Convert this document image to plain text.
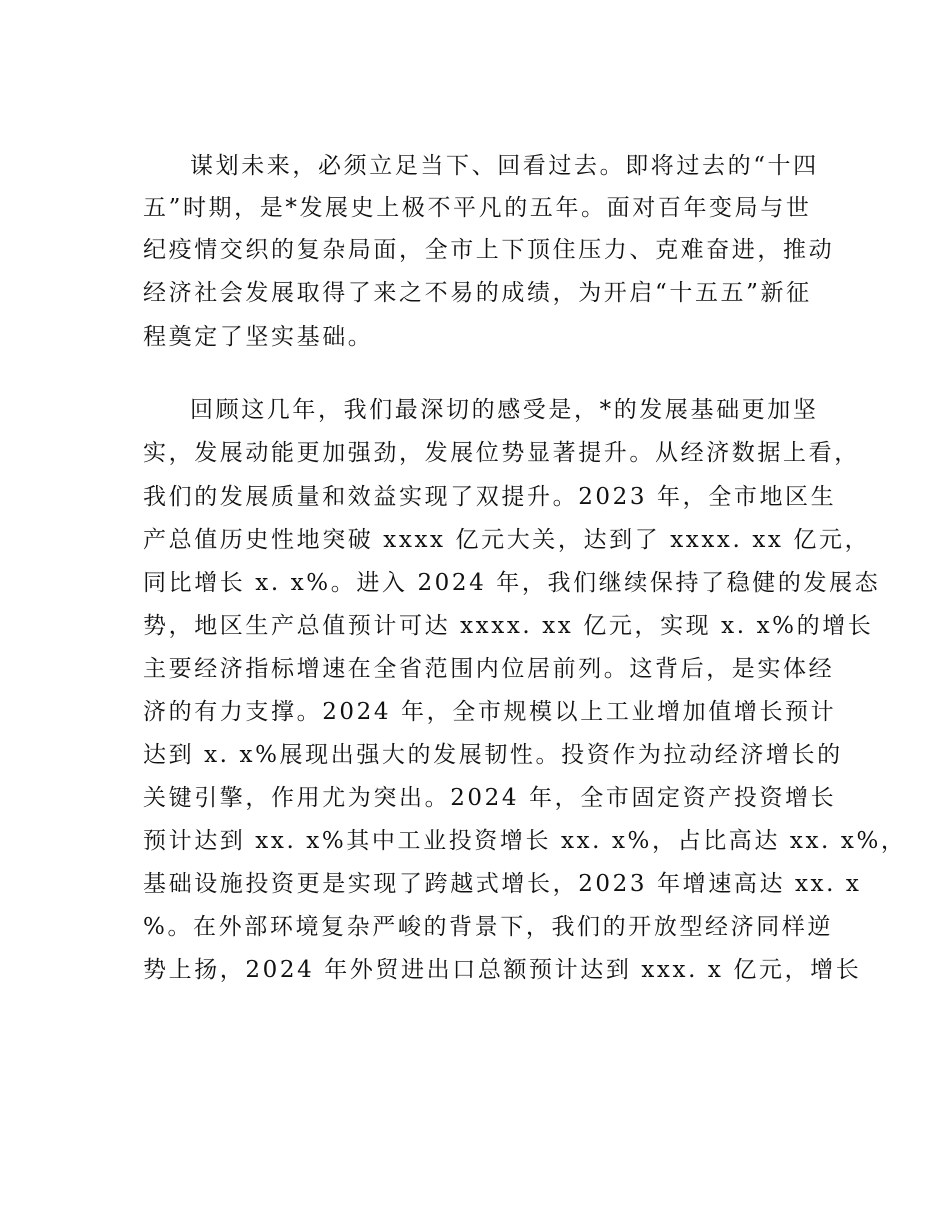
谋划未来，必须立足当下、回看过去。即将过去的“十四
五”时期，是*发展史上极不平凡的五年。面对百年变局与世
纪疫情交织的复杂局面，全市上下顶住压力、克难奋进，推动
经济社会发展取得了来之不易的成绩，为开启“十五五”新征
程奠定了坚实基础。
回顾这几年，我们最深切的感受是，*的发展基础更加坚
实，发展动能更加强劲，发展位势显著提升。从经济数据上看，
我们的发展质量和效益实现了双提升。2023 年，全市地区生
产总值历史性地突破 xxxx 亿元大关，达到了 xxxx. xx 亿元，
同比增长 x. x%。进入 2024 年，我们继续保持了稳健的发展态
势，地区生产总值预计可达 xxxx. xx 亿元，实现 x. x%的增长
主要经济指标增速在全省范围内位居前列。这背后，是实体经
济的有力支撑。2024 年，全市规模以上工业增加值增长预计
达到 x. x%展现出强大的发展韧性。投资作为拉动经济增长的
关键引擎，作用尤为突出。2024 年，全市固定资产投资增长
预计达到 xx. x%其中工业投资增长 xx. x%，占比高达 xx. x%，
基础设施投资更是实现了跨越式增长，2023 年增速高达 xx. x
%。在外部环境复杂严峻的背景下，我们的开放型经济同样逆
势上扬，2024 年外贸进出口总额预计达到 xxx. x 亿元，增长
